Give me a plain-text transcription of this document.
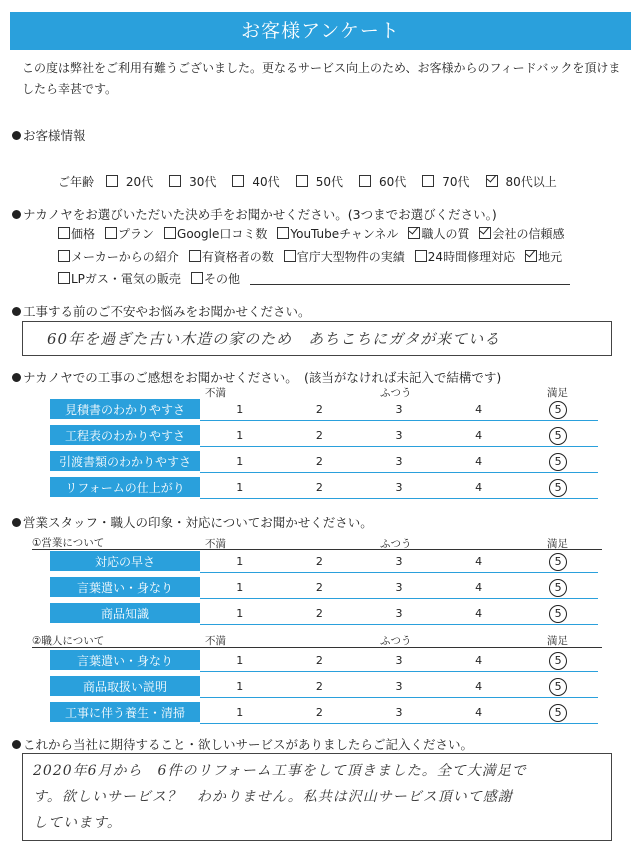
お客様アンケート
この度は弊社をご利用有難うございました。更なるサービス向上のため、お客様からのフィードバックを頂けましたら幸甚です。
お客様情報
ご年齢	20代	30代	40代	50代	60代	70代	80代以上
ナカノヤをお選びいただいた決め手をお聞かせください。(3つまでお選びください。)
価格 プラン Google口コミ数 YouTubeチャンネル 職人の質 会社の信頼感
メーカーからの紹介 有資格者の数 官庁大型物件の実績 24時間修理対応 地元
LPガス・電気の販売 その他
工事する前のご不安やお悩みをお聞かせください。
60年を過ぎた古い木造の家のため　あちこちにガタが来ている
ナカノヤでの工事のご感想をお聞かせください。　(該当がなければ未記入で結構です)
不満	ふつう	満足
見積書のわかりやすさ	1	2	3	4	5
工程表のわかりやすさ	1	2	3	4	5
引渡書類のわかりやすさ	1	2	3	4	5
リフォームの仕上がり	1	2	3	4	5
営業スタッフ・職人の印象・対応についてお聞かせください。
①営業について	不満	ふつう	満足
対応の早さ	1	2	3	4	5
言葉遣い・身なり	1	2	3	4	5
商品知識	1	2	3	4	5
②職人について	不満	ふつう	満足
言葉遣い・身なり	1	2	3	4	5
商品取扱い説明	1	2	3	4	5
工事に伴う養生・清掃	1	2	3	4	5
これから当社に期待すること・欲しいサービスがありましたらご記入ください。
2020年6月から　6件のリフォーム工事をして頂きました。全て大満足で
す。欲しいサービス？　わかりません。私共は沢山サービス頂いて感謝
しています。
